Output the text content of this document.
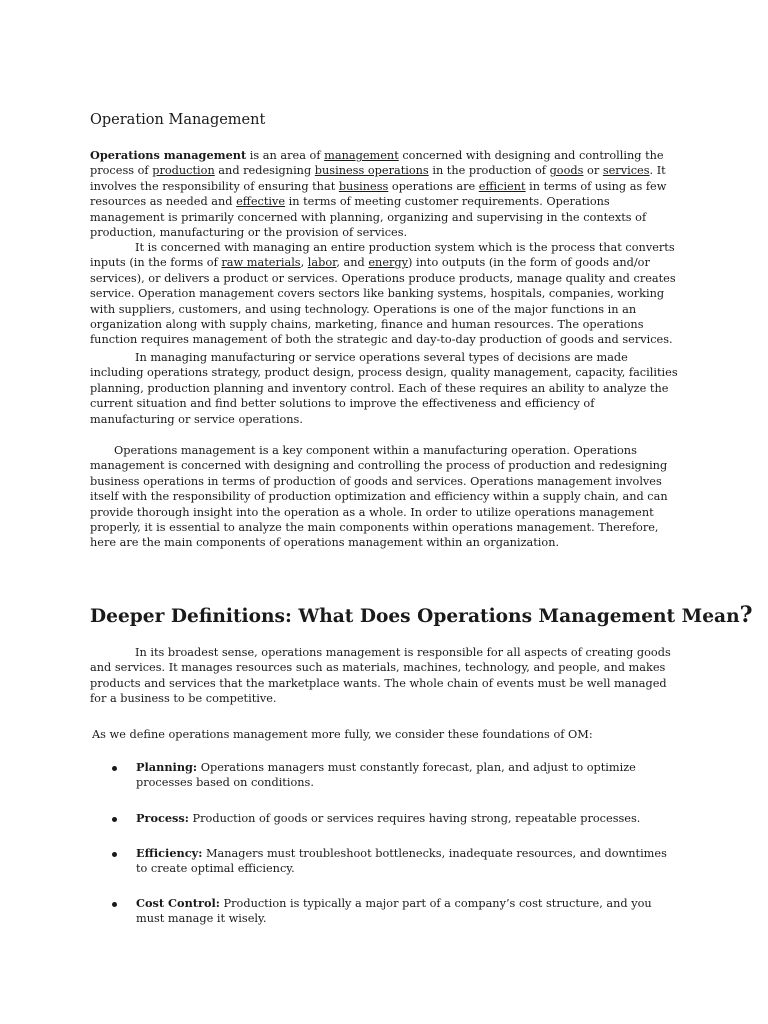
Operation Management

Operations management is an area of management concerned with designing and controlling the process of production and redesigning business operations in the production of goods or services. It involves the responsibility of ensuring that business operations are efficient in terms of using as few resources as needed and effective in terms of meeting customer requirements. Operations management is primarily concerned with planning, organizing and supervising in the contexts of production, manufacturing or the provision of services.

It is concerned with managing an entire production system which is the process that converts inputs (in the forms of raw materials, labor, and energy) into outputs (in the form of goods and/or services), or delivers a product or services. Operations produce products, manage quality and creates service. Operation management covers sectors like banking systems, hospitals, companies, working with suppliers, customers, and using technology. Operations is one of the major functions in an organization along with supply chains, marketing, finance and human resources. The operations function requires management of both the strategic and day-to-day production of goods and services.

In managing manufacturing or service operations several types of decisions are made including operations strategy, product design, process design, quality management, capacity, facilities planning, production planning and inventory control. Each of these requires an ability to analyze the current situation and find better solutions to improve the effectiveness and efficiency of manufacturing or service operations.

Operations management is a key component within a manufacturing operation. Operations management is concerned with designing and controlling the process of production and redesigning business operations in terms of production of goods and services. Operations management involves itself with the responsibility of production optimization and efficiency within a supply chain, and can provide thorough insight into the operation as a whole. In order to utilize operations management properly, it is essential to analyze the main components within operations management. Therefore, here are the main components of operations management within an organization.

Deeper Definitions: What Does Operations Management Mean?

In its broadest sense, operations management is responsible for all aspects of creating goods and services. It manages resources such as materials, machines, technology, and people, and makes products and services that the marketplace wants. The whole chain of events must be well managed for a business to be competitive.

As we define operations management more fully, we consider these foundations of OM:

Planning: Operations managers must constantly forecast, plan, and adjust to optimize processes based on conditions.
Process: Production of goods or services requires having strong, repeatable processes.
Efficiency: Managers must troubleshoot bottlenecks, inadequate resources, and downtimes to create optimal efficiency.
Cost Control: Production is typically a major part of a company’s cost structure, and you must manage it wisely.
